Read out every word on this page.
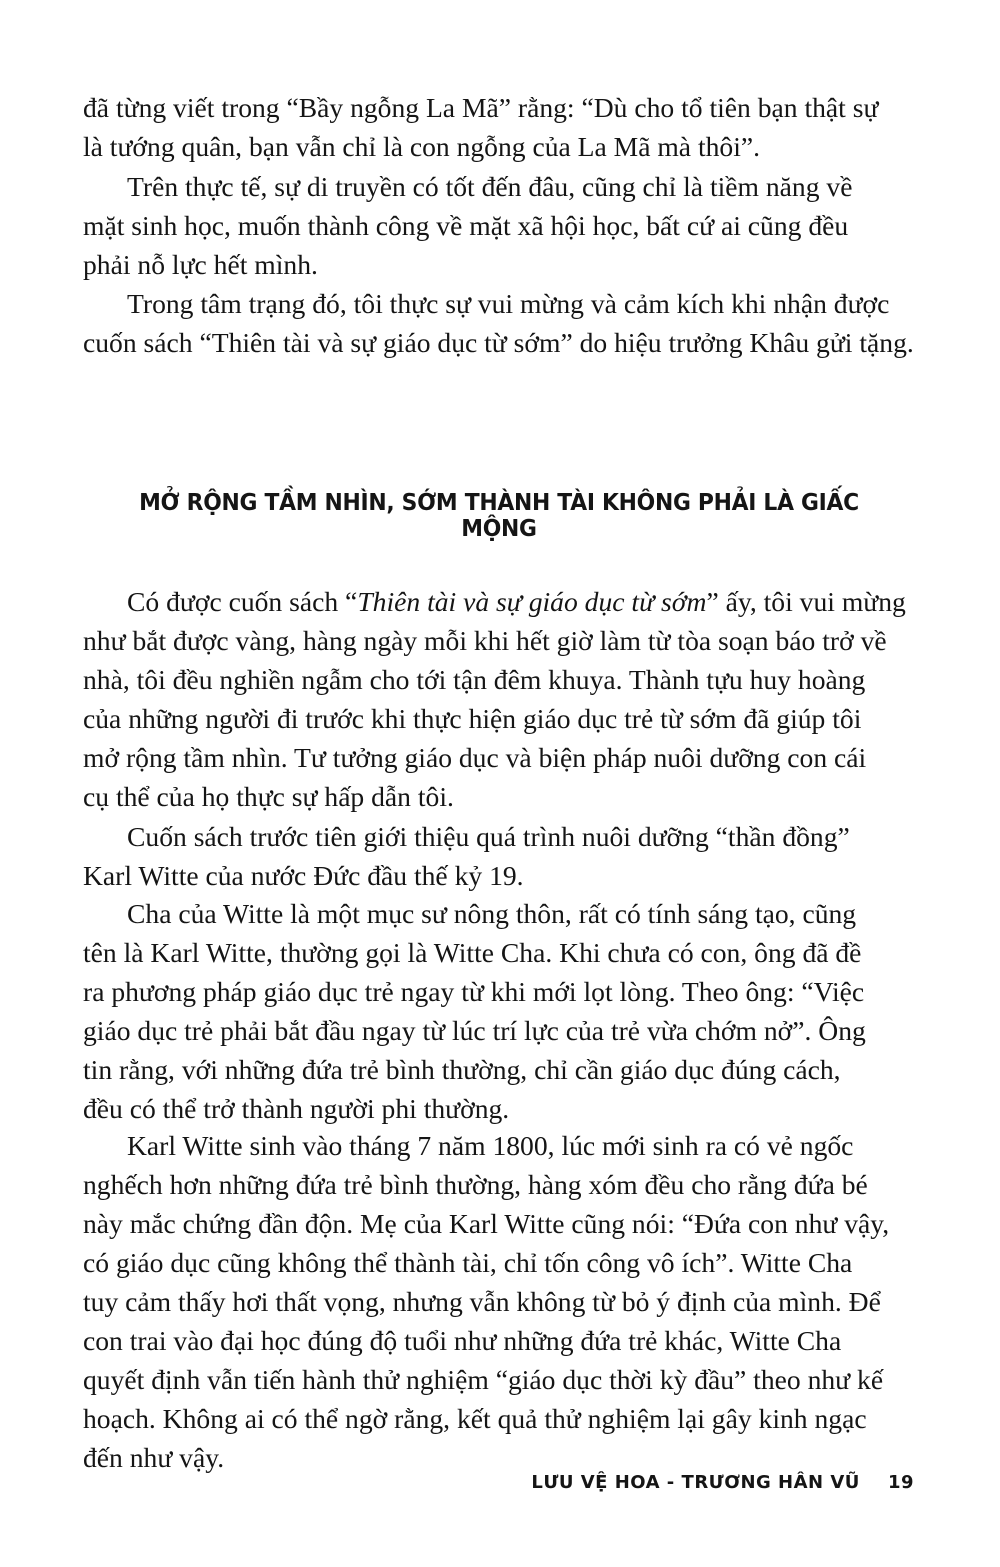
đã từng viết trong “Bầy ngỗng La Mã” rằng: “Dù cho tổ tiên bạn thật sự
là tướng quân, bạn vẫn chỉ là con ngỗng của La Mã mà thôi”.

Trên thực tế, sự di truyền có tốt đến đâu, cũng chỉ là tiềm năng về
mặt sinh học, muốn thành công về mặt xã hội học, bất cứ ai cũng đều
phải nỗ lực hết mình.

Trong tâm trạng đó, tôi thực sự vui mừng và cảm kích khi nhận được
cuốn sách “Thiên tài và sự giáo dục từ sớm” do hiệu trưởng Khâu gửi tặng.

MỞ RỘNG TẦM NHÌN, SỚM THÀNH TÀI KHÔNG PHẢI LÀ GIẤC MỘNG

Có được cuốn sách “Thiên tài và sự giáo dục từ sớm” ấy, tôi vui mừng
như bắt được vàng, hàng ngày mỗi khi hết giờ làm từ tòa soạn báo trở về
nhà, tôi đều nghiền ngẫm cho tới tận đêm khuya. Thành tựu huy hoàng
của những người đi trước khi thực hiện giáo dục trẻ từ sớm đã giúp tôi
mở rộng tầm nhìn. Tư tưởng giáo dục và biện pháp nuôi dưỡng con cái
cụ thể của họ thực sự hấp dẫn tôi.

Cuốn sách trước tiên giới thiệu quá trình nuôi dưỡng “thần đồng”
Karl Witte của nước Đức đầu thế kỷ 19.

Cha của Witte là một mục sư nông thôn, rất có tính sáng tạo, cũng
tên là Karl Witte, thường gọi là Witte Cha. Khi chưa có con, ông đã đề
ra phương pháp giáo dục trẻ ngay từ khi mới lọt lòng. Theo ông: “Việc
giáo dục trẻ phải bắt đầu ngay từ lúc trí lực của trẻ vừa chớm nở”. Ông
tin rằng, với những đứa trẻ bình thường, chỉ cần giáo dục đúng cách,
đều có thể trở thành người phi thường.

Karl Witte sinh vào tháng 7 năm 1800, lúc mới sinh ra có vẻ ngốc
nghếch hơn những đứa trẻ bình thường, hàng xóm đều cho rằng đứa bé
này mắc chứng đần độn. Mẹ của Karl Witte cũng nói: “Đứa con như vậy,
có giáo dục cũng không thể thành tài, chỉ tốn công vô ích”. Witte Cha
tuy cảm thấy hơi thất vọng, nhưng vẫn không từ bỏ ý định của mình. Để
con trai vào đại học đúng độ tuổi như những đứa trẻ khác, Witte Cha
quyết định vẫn tiến hành thử nghiệm “giáo dục thời kỳ đầu” theo như kế
hoạch. Không ai có thể ngờ rằng, kết quả thử nghiệm lại gây kinh ngạc
đến như vậy.

LƯU VỆ HOA - TRƯƠNG HÂN VŨ 19
